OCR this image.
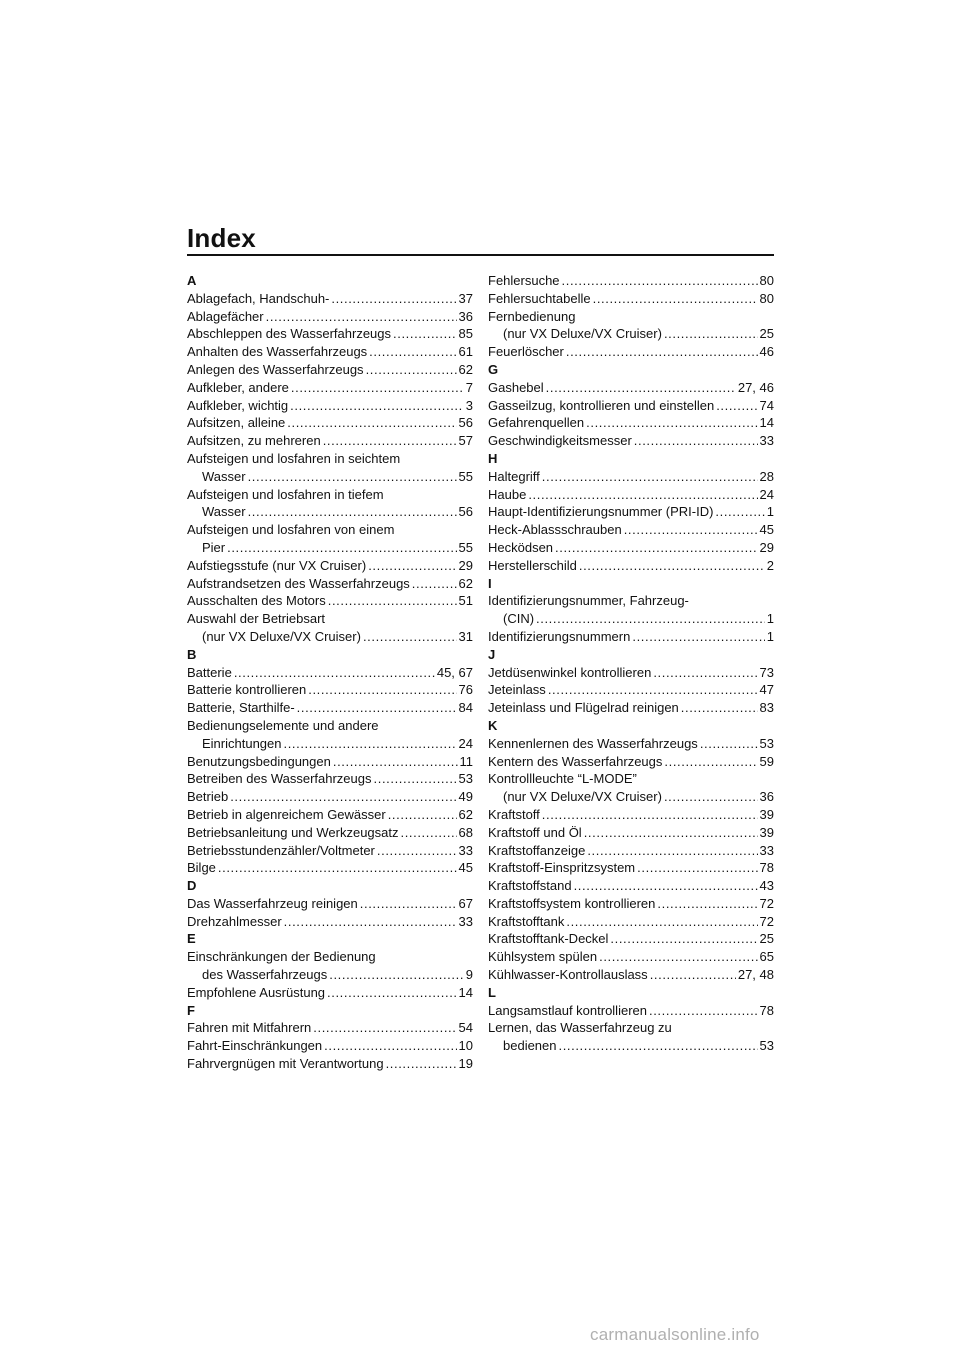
Index
A
Ablagefach, Handschuh- .....	37
Ablagefächer .....	36
Abschleppen des Wasserfahrzeugs .....	85
Anhalten des Wasserfahrzeugs .....	61
Anlegen des Wasserfahrzeugs .....	62
Aufkleber, andere .....	7
Aufkleber, wichtig .....	3
Aufsitzen, alleine .....	56
Aufsitzen, zu mehreren .....	57
Aufsteigen und losfahren in seichtem
Wasser .....	55
Aufsteigen und losfahren in tiefem
Wasser .....	56
Aufsteigen und losfahren von einem
Pier .....	55
Aufstiegsstufe (nur VX Cruiser) .....	29
Aufstrandsetzen des Wasserfahrzeugs .....	62
Ausschalten des Motors .....	51
Auswahl der Betriebsart
(nur VX Deluxe/VX Cruiser) .....	31
B
Batterie .....	45, 67
Batterie kontrollieren .....	76
Batterie, Starthilfe- .....	84
Bedienungselemente und andere
Einrichtungen .....	24
Benutzungsbedingungen .....	11
Betreiben des Wasserfahrzeugs .....	53
Betrieb .....	49
Betrieb in algenreichem Gewässer .....	62
Betriebsanleitung und Werkzeugsatz .....	68
Betriebsstundenzähler/Voltmeter .....	33
Bilge .....	45
D
Das Wasserfahrzeug reinigen .....	67
Drehzahlmesser .....	33
E
Einschränkungen der Bedienung
des Wasserfahrzeugs .....	9
Empfohlene Ausrüstung .....	14
F
Fahren mit Mitfahrern .....	54
Fahrt-Einschränkungen .....	10
Fahrvergnügen mit Verantwortung .....	19
Fehlersuche .....	80
Fehlersuchtabelle .....	80
Fernbedienung
(nur VX Deluxe/VX Cruiser) .....	25
Feuerlöscher .....	46
G
Gashebel .....	27, 46
Gasseilzug, kontrollieren und einstellen .....	74
Gefahrenquellen .....	14
Geschwindigkeitsmesser .....	33
H
Haltegriff .....	28
Haube .....	24
Haupt-Identifizierungsnummer (PRI-ID) .....	1
Heck-Ablassschrauben .....	45
Hecködsen .....	29
Herstellerschild .....	2
I
Identifizierungsnummer, Fahrzeug-
(CIN) .....	1
Identifizierungsnummern .....	1
J
Jetdüsenwinkel kontrollieren .....	73
Jeteinlass .....	47
Jeteinlass und Flügelrad reinigen .....	83
K
Kennenlernen des Wasserfahrzeugs .....	53
Kentern des Wasserfahrzeugs .....	59
Kontrollleuchte “L-MODE”
(nur VX Deluxe/VX Cruiser) .....	36
Kraftstoff .....	39
Kraftstoff und Öl .....	39
Kraftstoffanzeige .....	33
Kraftstoff-Einspritzsystem .....	78
Kraftstoffstand .....	43
Kraftstoffsystem kontrollieren .....	72
Kraftstofftank .....	72
Kraftstofftank-Deckel .....	25
Kühlsystem spülen .....	65
Kühlwasser-Kontrollauslass .....	27, 48
L
Langsamstlauf kontrollieren .....	78
Lernen, das Wasserfahrzeug zu
bedienen .....	53
carmanualsonline.info
